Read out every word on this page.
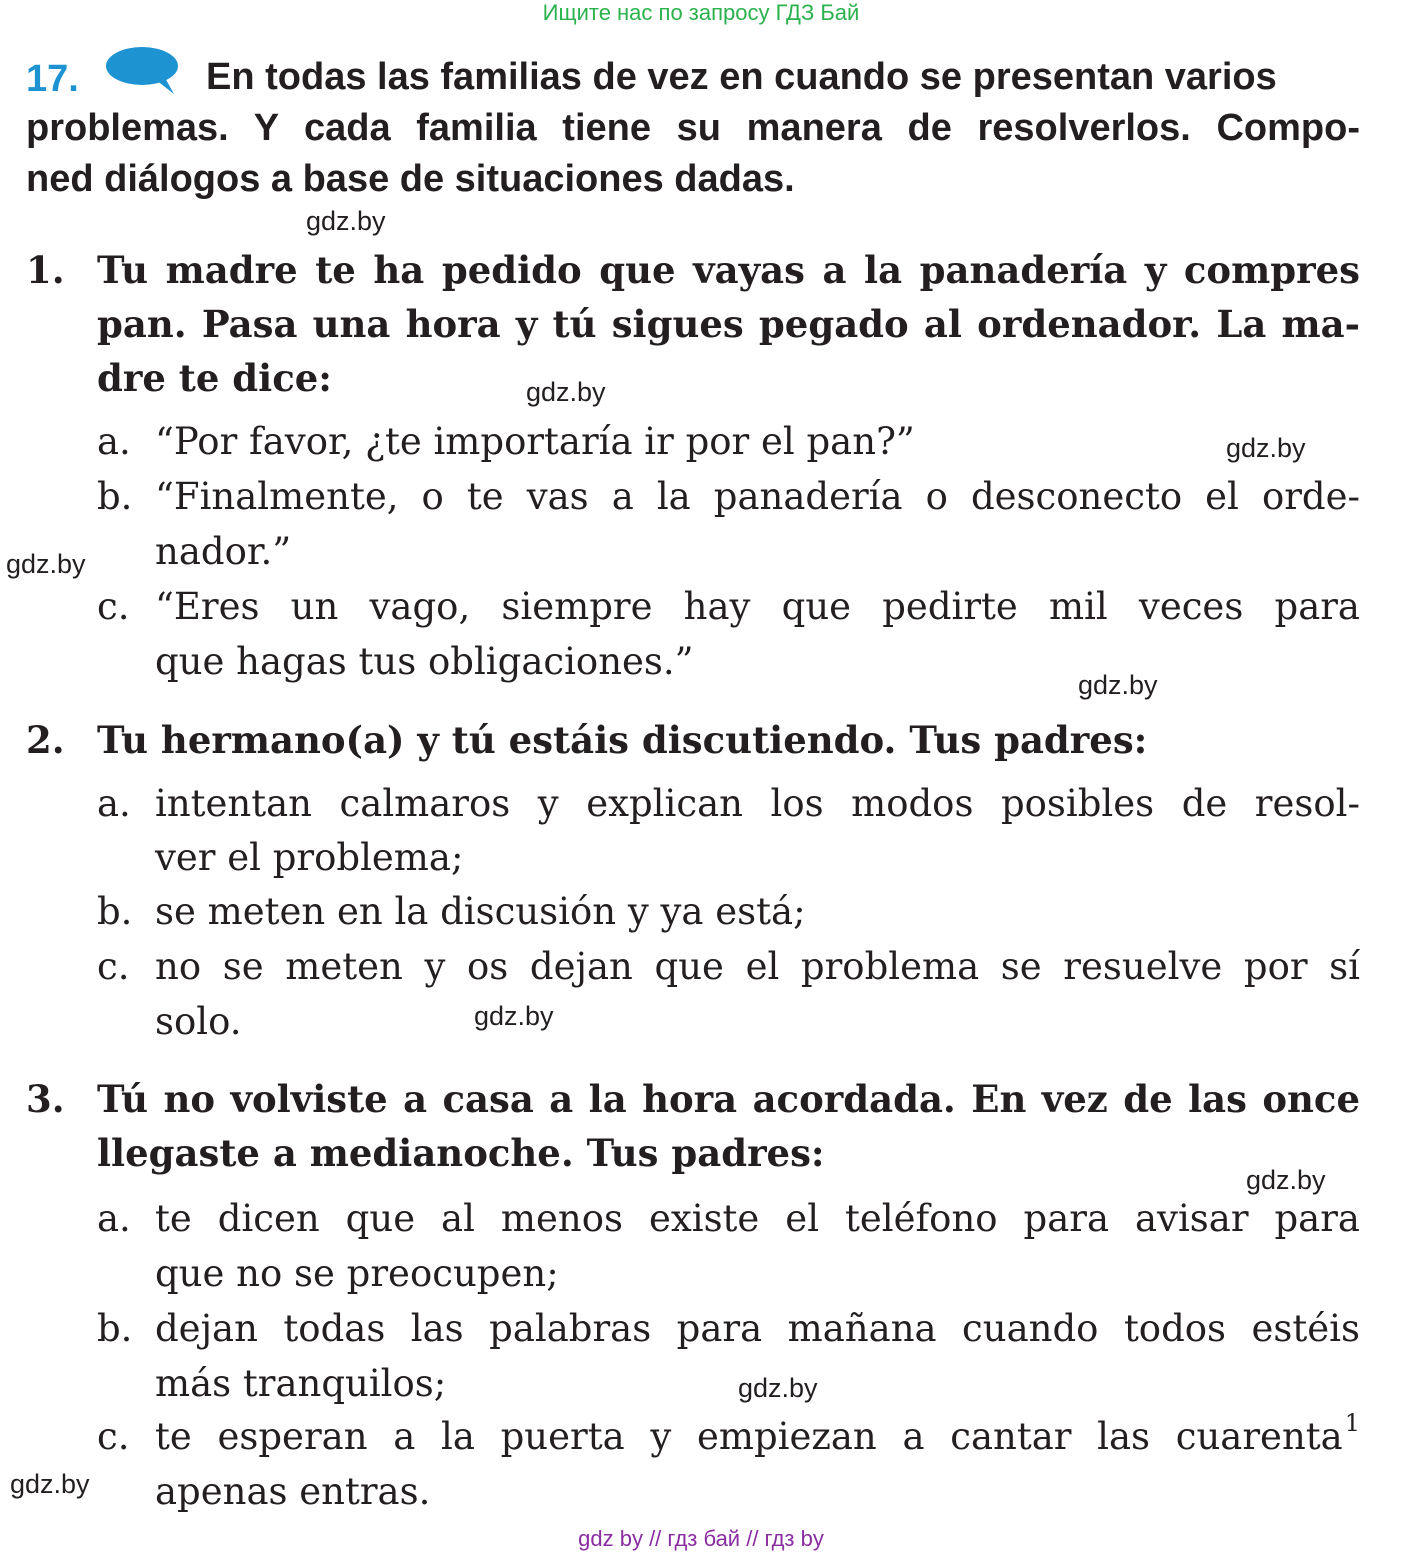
Ищите нас по запросу ГДЗ Бай
17.	En todas las familias de vez en cuando se presentan varios
problemas. Y cada familia tiene su manera de resolverlos. Compo-
ned diálogos a base de situaciones dadas.
1. Tu madre te ha pedido que vayas a la panadería y compres
pan. Pasa una hora y tú sigues pegado al ordenador. La ma-
dre te dice:
a. “Por favor, ¿te importaría ir por el pan?”
b. “Finalmente, o te vas a la panadería o desconecto el orde-
nador.”
c. “Eres un vago, siempre hay que pedirte mil veces para
que hagas tus obligaciones.”
2. Tu hermano(a) y tú estáis discutiendo. Tus padres:
a. intentan calmaros y explican los modos posibles de resol-
ver el problema;
b. se meten en la discusión y ya está;
c. no se meten y os dejan que el problema se resuelve por sí
solo.
3. Tú no volviste a casa a la hora acordada. En vez de las once
llegaste a medianoche. Tus padres:
a. te dicen que al menos existe el teléfono para avisar para
que no se preocupen;
b. dejan todas las palabras para mañana cuando todos estéis
más tranquilos;
c. te esperan a la puerta y empiezan a cantar las cuarenta$^1$
apenas entras.
gdz.by
gdz.by
gdz.by
gdz.by
gdz.by
gdz.by
gdz.by
gdz.by
gdz.by
gdz by // гдз бай // гдз by
